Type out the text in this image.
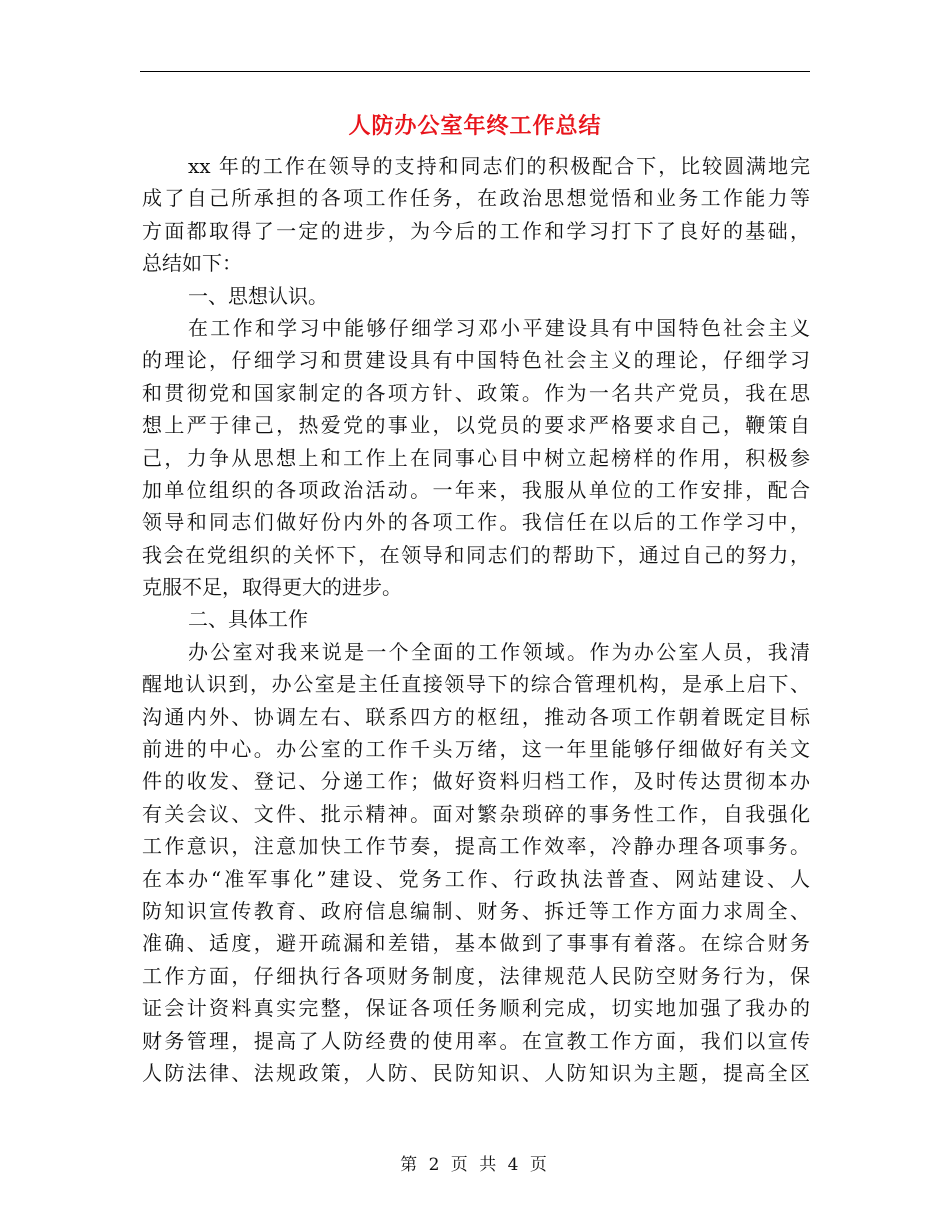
人防办公室年终工作总结
xx 年的工作在领导的支持和同志们的积极配合下，比较圆满地完
成了自己所承担的各项工作任务，在政治思想觉悟和业务工作能力等
方面都取得了一定的进步，为今后的工作和学习打下了良好的基础，
总结如下：
一、思想认识。
在工作和学习中能够仔细学习邓小平建设具有中国特色社会主义
的理论，仔细学习和贯建设具有中国特色社会主义的理论，仔细学习
和贯彻党和国家制定的各项方针、政策。作为一名共产党员，我在思
想上严于律己，热爱党的事业，以党员的要求严格要求自己，鞭策自
己，力争从思想上和工作上在同事心目中树立起榜样的作用，积极参
加单位组织的各项政治活动。一年来，我服从单位的工作安排，配合
领导和同志们做好份内外的各项工作。我信任在以后的工作学习中，
我会在党组织的关怀下，在领导和同志们的帮助下，通过自己的努力，
克服不足，取得更大的进步。
二、具体工作
办公室对我来说是一个全面的工作领域。作为办公室人员，我清
醒地认识到，办公室是主任直接领导下的综合管理机构，是承上启下、
沟通内外、协调左右、联系四方的枢纽，推动各项工作朝着既定目标
前进的中心。办公室的工作千头万绪，这一年里能够仔细做好有关文
件的收发、登记、分递工作；做好资料归档工作，及时传达贯彻本办
有关会议、文件、批示精神。面对繁杂琐碎的事务性工作，自我强化
工作意识，注意加快工作节奏，提高工作效率，冷静办理各项事务。
在本办“准军事化”建设、党务工作、行政执法普查、网站建设、人
防知识宣传教育、政府信息编制、财务、拆迁等工作方面力求周全、
准确、适度，避开疏漏和差错，基本做到了事事有着落。在综合财务
工作方面，仔细执行各项财务制度，法律规范人民防空财务行为，保
证会计资料真实完整，保证各项任务顺利完成，切实地加强了我办的
财务管理，提高了人防经费的使用率。在宣教工作方面，我们以宣传
人防法律、法规政策，人防、民防知识、人防知识为主题，提高全区
第 2 页 共 4 页
